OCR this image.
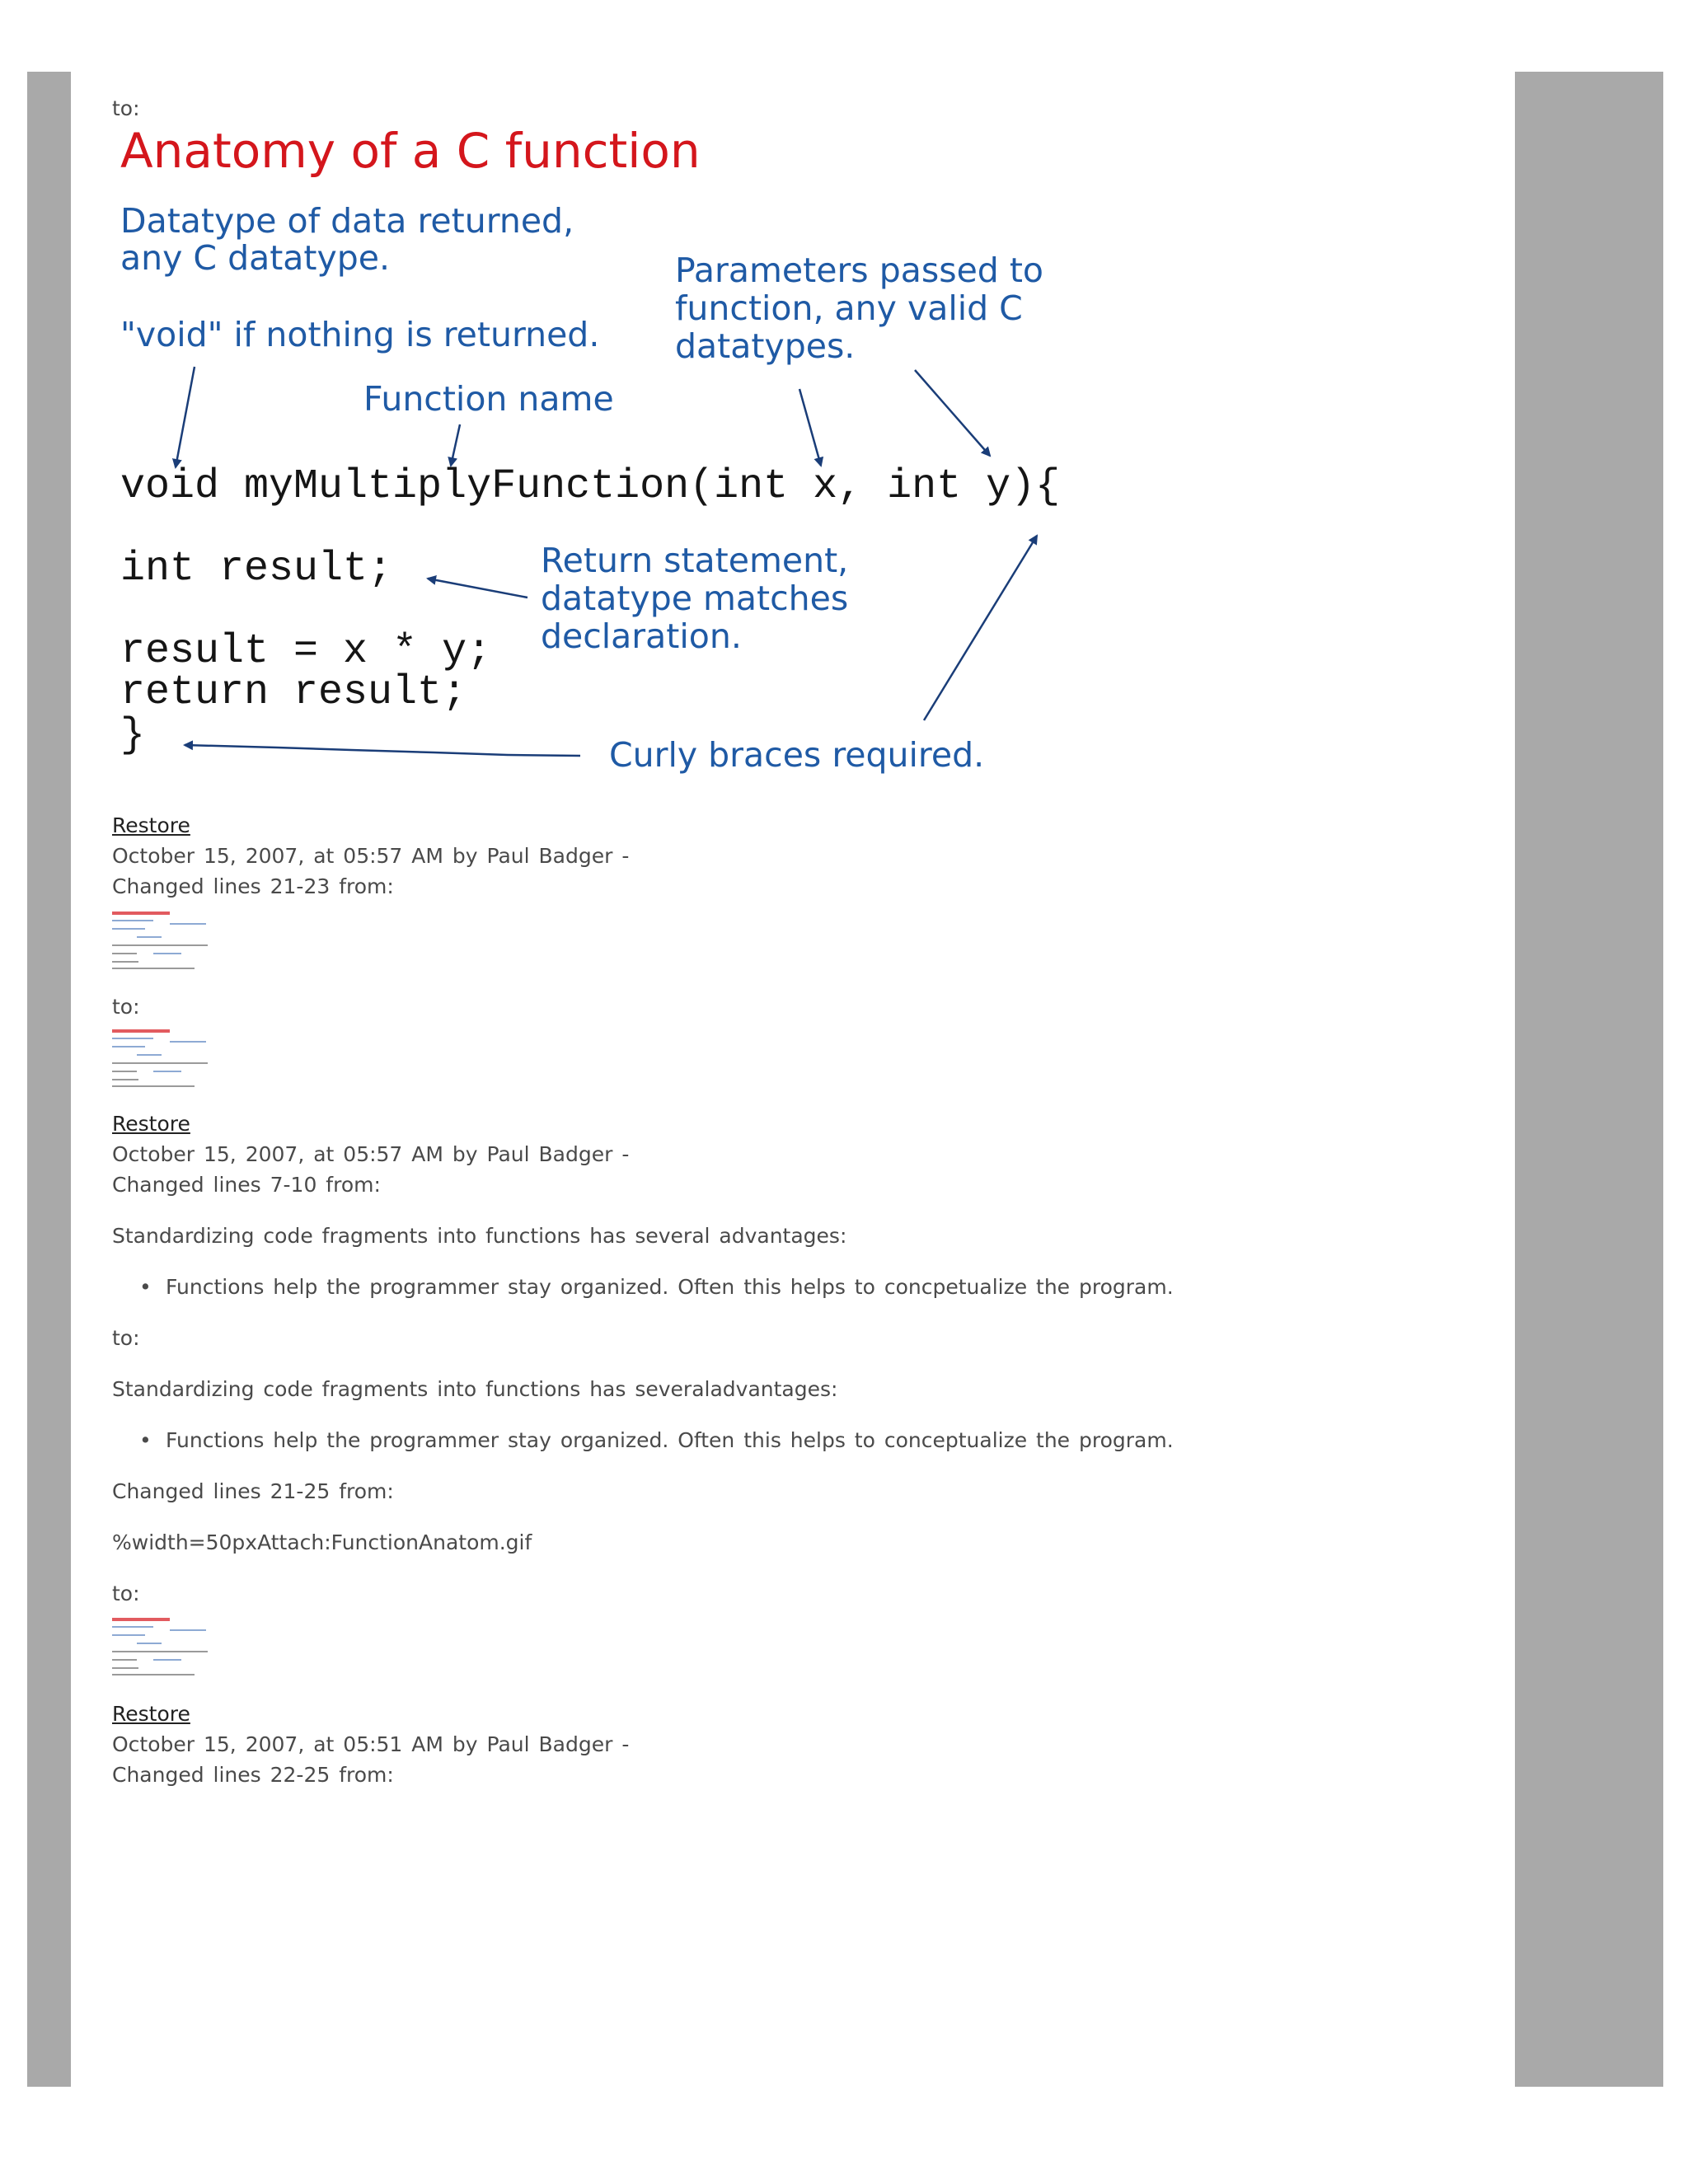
to:
Anatomy of a C function
Datatype of data returned,
any C datatype.
"void" if nothing is returned.
Parameters passed to
function, any valid C
datatypes.
Function name
void myMultiplyFunction(int x, int y){
int result;
result = x * y;
return result;
}
Return statement,
datatype matches
declaration.
Curly braces required.
Restore
October 15, 2007, at 05:57 AM by Paul Badger -
Changed lines 21-23 from:
to:
Restore
October 15, 2007, at 05:57 AM by Paul Badger -
Changed lines 7-10 from:
Standardizing code fragments into functions has several advantages:
• Functions help the programmer stay organized. Often this helps to concpetualize the program.
to:
Standardizing code fragments into functions has severaladvantages:
• Functions help the programmer stay organized. Often this helps to conceptualize the program.
Changed lines 21-25 from:
%width=50pxAttach:FunctionAnatom.gif
to:
Restore
October 15, 2007, at 05:51 AM by Paul Badger -
Changed lines 22-25 from:
